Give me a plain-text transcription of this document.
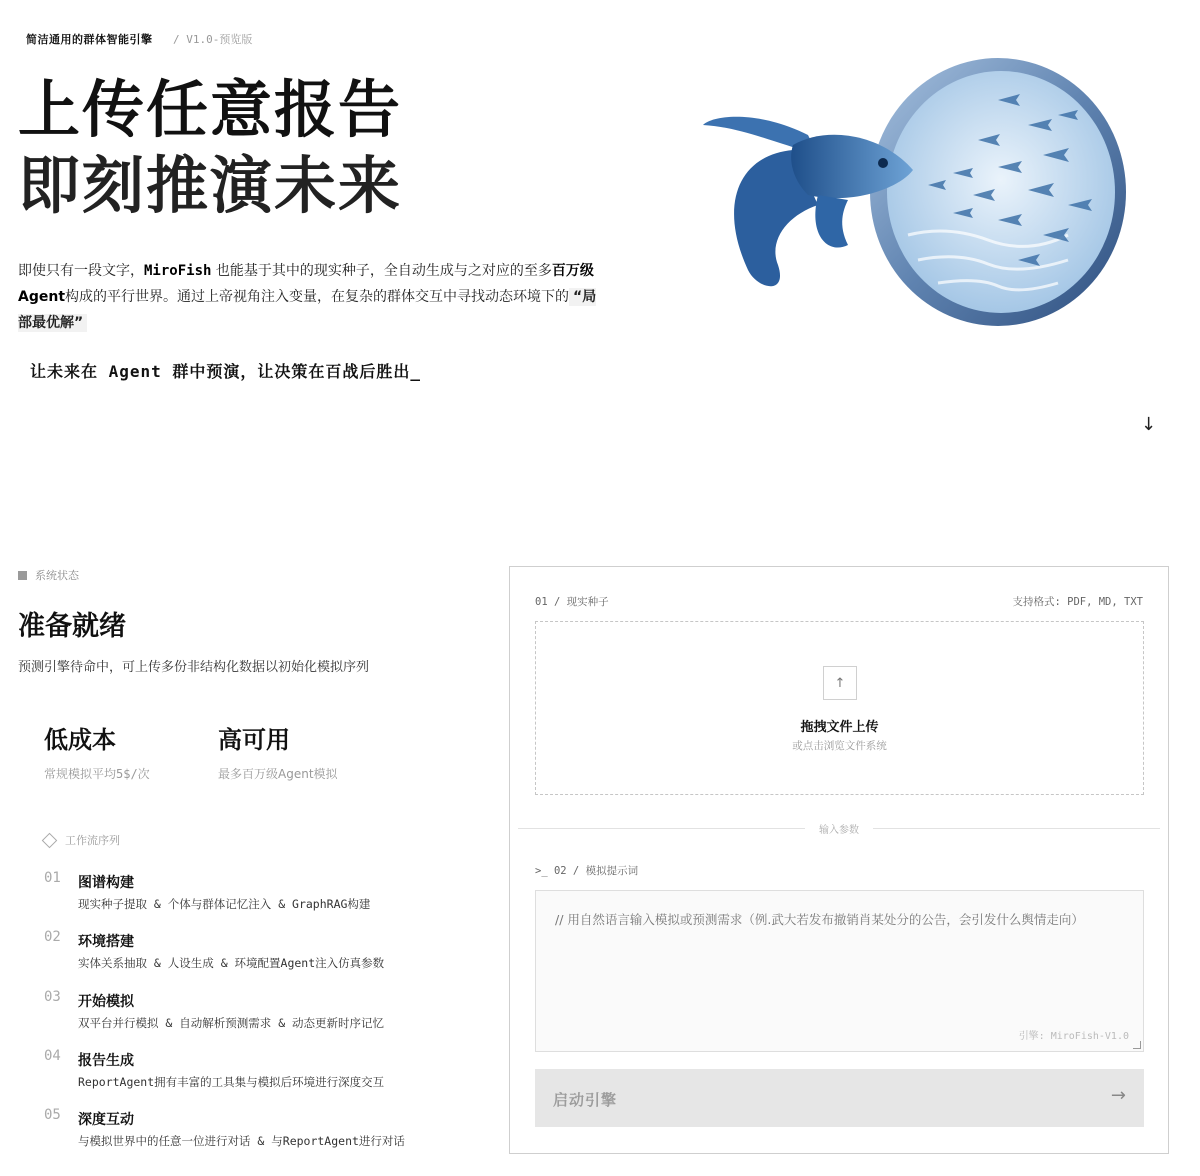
简洁通用的群体智能引擎 / V1.0-预览版
上传任意报告
即刻推演未来

即使只有一段文字，MiroFish 也能基于其中的现实种子，全自动生成与之对应的至多百万级Agent构成的平行世界。通过上帝视角注入变量，在复杂的群体交互中寻找动态环境下的 “局部最优解”

让未来在 Agent 群中预演，让决策在百战后胜出_
↓
系统状态
准备就绪
预测引擎待命中，可上传多份非结构化数据以初始化模拟序列
低成本
常规模拟平均5$/次
高可用
最多百万级Agent模拟
工作流序列
01 图谱构建
现实种子提取 & 个体与群体记忆注入 & GraphRAG构建
02 环境搭建
实体关系抽取 & 人设生成 & 环境配置Agent注入仿真参数
03 开始模拟
双平台并行模拟 & 自动解析预测需求 & 动态更新时序记忆
04 报告生成
ReportAgent拥有丰富的工具集与模拟后环境进行深度交互
05 深度互动
与模拟世界中的任意一位进行对话 & 与ReportAgent进行对话
01 / 现实种子	支持格式: PDF, MD, TXT
↑
拖拽文件上传
或点击浏览文件系统
输入参数
>_ 02 / 模拟提示词
// 用自然语言输入模拟或预测需求（例.武大若发布撤销肖某处分的公告，会引发什么舆情走向）
引擎: MiroFish-V1.0
启动引擎	→
